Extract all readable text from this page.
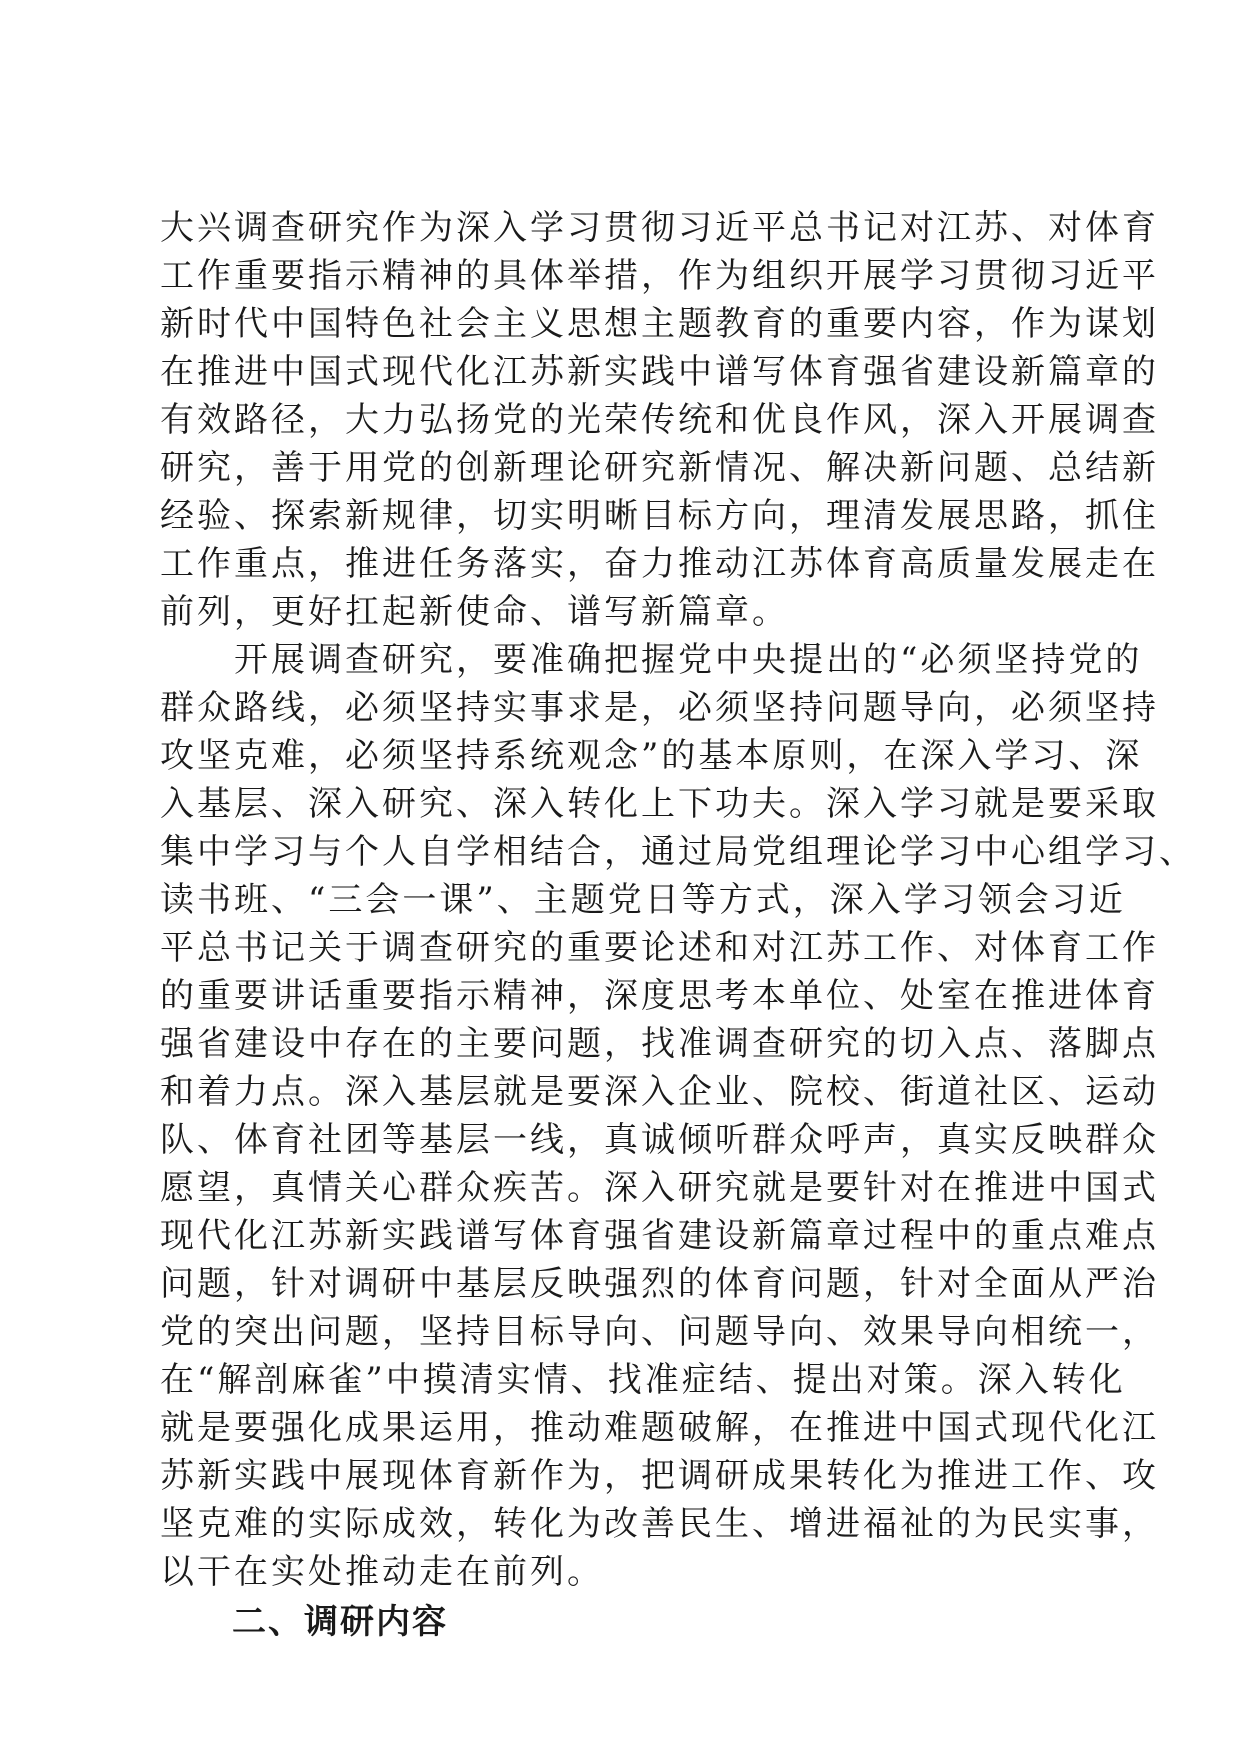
大兴调查研究作为深入学习贯彻习近平总书记对江苏、对体育
工作重要指示精神的具体举措，作为组织开展学习贯彻习近平
新时代中国特色社会主义思想主题教育的重要内容，作为谋划
在推进中国式现代化江苏新实践中谱写体育强省建设新篇章的
有效路径，大力弘扬党的光荣传统和优良作风，深入开展调查
研究，善于用党的创新理论研究新情况、解决新问题、总结新
经验、探索新规律，切实明晰目标方向，理清发展思路，抓住
工作重点，推进任务落实，奋力推动江苏体育高质量发展走在
前列，更好扛起新使命、谱写新篇章。
　　开展调查研究，要准确把握党中央提出的“必须坚持党的
群众路线，必须坚持实事求是，必须坚持问题导向，必须坚持
攻坚克难，必须坚持系统观念”的基本原则，在深入学习、深
入基层、深入研究、深入转化上下功夫。深入学习就是要采取
集中学习与个人自学相结合，通过局党组理论学习中心组学习、
读书班、“三会一课”、主题党日等方式，深入学习领会习近
平总书记关于调查研究的重要论述和对江苏工作、对体育工作
的重要讲话重要指示精神，深度思考本单位、处室在推进体育
强省建设中存在的主要问题，找准调查研究的切入点、落脚点
和着力点。深入基层就是要深入企业、院校、街道社区、运动
队、体育社团等基层一线，真诚倾听群众呼声，真实反映群众
愿望，真情关心群众疾苦。深入研究就是要针对在推进中国式
现代化江苏新实践谱写体育强省建设新篇章过程中的重点难点
问题，针对调研中基层反映强烈的体育问题，针对全面从严治
党的突出问题，坚持目标导向、问题导向、效果导向相统一，
在“解剖麻雀”中摸清实情、找准症结、提出对策。深入转化
就是要强化成果运用，推动难题破解，在推进中国式现代化江
苏新实践中展现体育新作为，把调研成果转化为推进工作、攻
坚克难的实际成效，转化为改善民生、增进福祉的为民实事，
以干在实处推动走在前列。
　　二、调研内容
